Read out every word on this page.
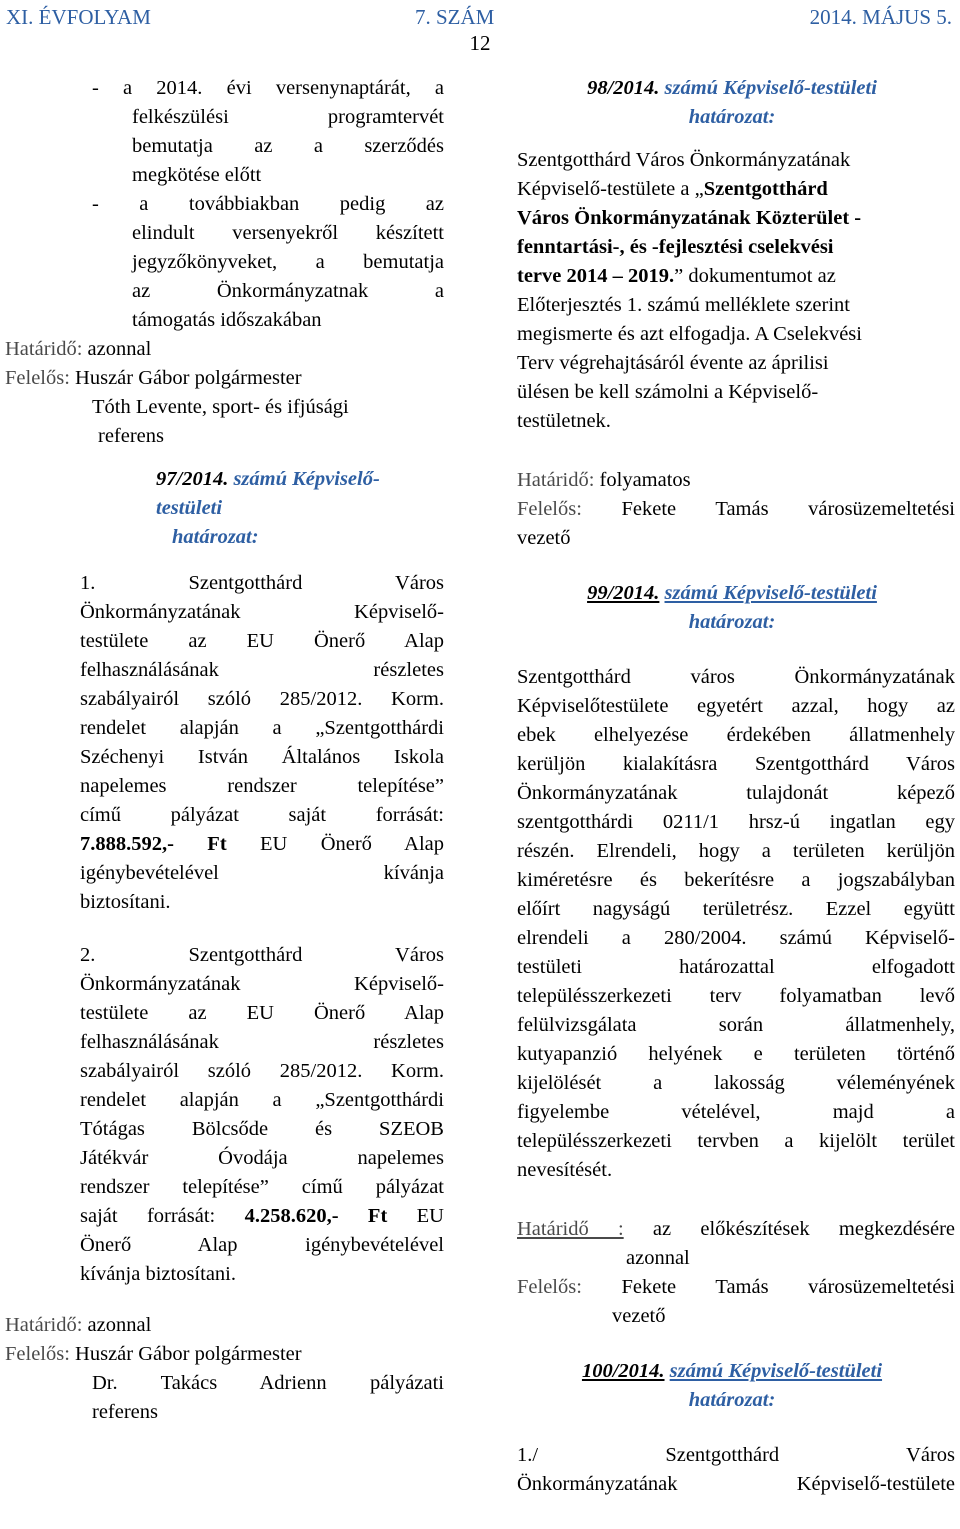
XI. ÉVFOLYAM	7. SZÁM	2014. MÁJUS 5.
12

- a 2014. évi versenynaptárát, a

felkészülési programtervét

bemutatja az a szerződés

megkötése előtt

- a továbbiakban pedig az

elindult versenyekről készített

jegyzőkönyveket, a bemutatja

az Önkormányzatnak a

támogatás időszakában

Határidő: azonnal

Felelős: Huszár Gábor polgármester

Tóth Levente, sport- és ifjúsági

referens

97/2014. számú Képviselő-testületi

határozat:

1. Szentgotthárd Város

Önkormányzatának Képviselő-

testülete az EU Önerő Alap

felhasználásának részletes

szabályairól szóló 285/2012. Korm.

rendelet alapján a „Szentgotthárdi

Széchenyi István Általános Iskola

napelemes rendszer telepítése”

című pályázat saját forrását:

7.888.592,- Ft EU Önerő Alap

igénybevételével kívánja

biztosítani.

2. Szentgotthárd Város

Önkormányzatának Képviselő-

testülete az EU Önerő Alap

felhasználásának részletes

szabályairól szóló 285/2012. Korm.

rendelet alapján a „Szentgotthárdi

Tótágas Bölcsőde és SZEOB

Játékvár Óvodája napelemes

rendszer telepítése” című pályázat

saját forrását: 4.258.620,- Ft EU

Önerő Alap igénybevételével

kívánja biztosítani.

Határidő: azonnal

Felelős: Huszár Gábor polgármester

Dr. Takács Adrienn pályázati

referens

98/2014. számú Képviselő-testületi

határozat:

Szentgotthárd Város Önkormányzatának

Képviselő-testülete a „Szentgotthárd

Város Önkormányzatának Közterület -

fenntartási-, és -fejlesztési cselekvési

terve 2014 – 2019.” dokumentumot az

Előterjesztés 1. számú melléklete szerint

megismerte és azt elfogadja. A Cselekvési

Terv végrehajtásáról évente az áprilisi

ülésen be kell számolni a Képviselő-

testületnek.

Határidő: folyamatos

Felelős: Fekete Tamás városüzemeltetési

vezető

99/2014. számú Képviselő-testületi

határozat:

Szentgotthárd város Önkormányzatának

Képviselőtestülete egyetért azzal, hogy az

ebek elhelyezése érdekében állatmenhely

kerüljön kialakításra Szentgotthárd Város

Önkormányzatának tulajdonát képező

szentgotthárdi 0211/1 hrsz-ú ingatlan egy

részén. Elrendeli, hogy a területen kerüljön

kiméretésre és bekerítésre a jogszabályban

előírt nagyságú területrész. Ezzel együtt

elrendeli a 280/2004. számú Képviselő-

testületi határozattal elfogadott

településszerkezeti terv folyamatban levő

felülvizsgálata során állatmenhely,

kutyapanzió helyének e területen történő

kijelölését a lakosság véleményének

figyelembe vételével, majd a

településszerkezeti tervben a kijelölt terület

nevesítését.

Határidő : az előkészítések megkezdésére

azonnal

Felelős: Fekete Tamás városüzemeltetési

vezető

100/2014. számú Képviselő-testületi

határozat:

1./	Szentgotthárd Város

Önkormányzatának Képviselő-testülete
